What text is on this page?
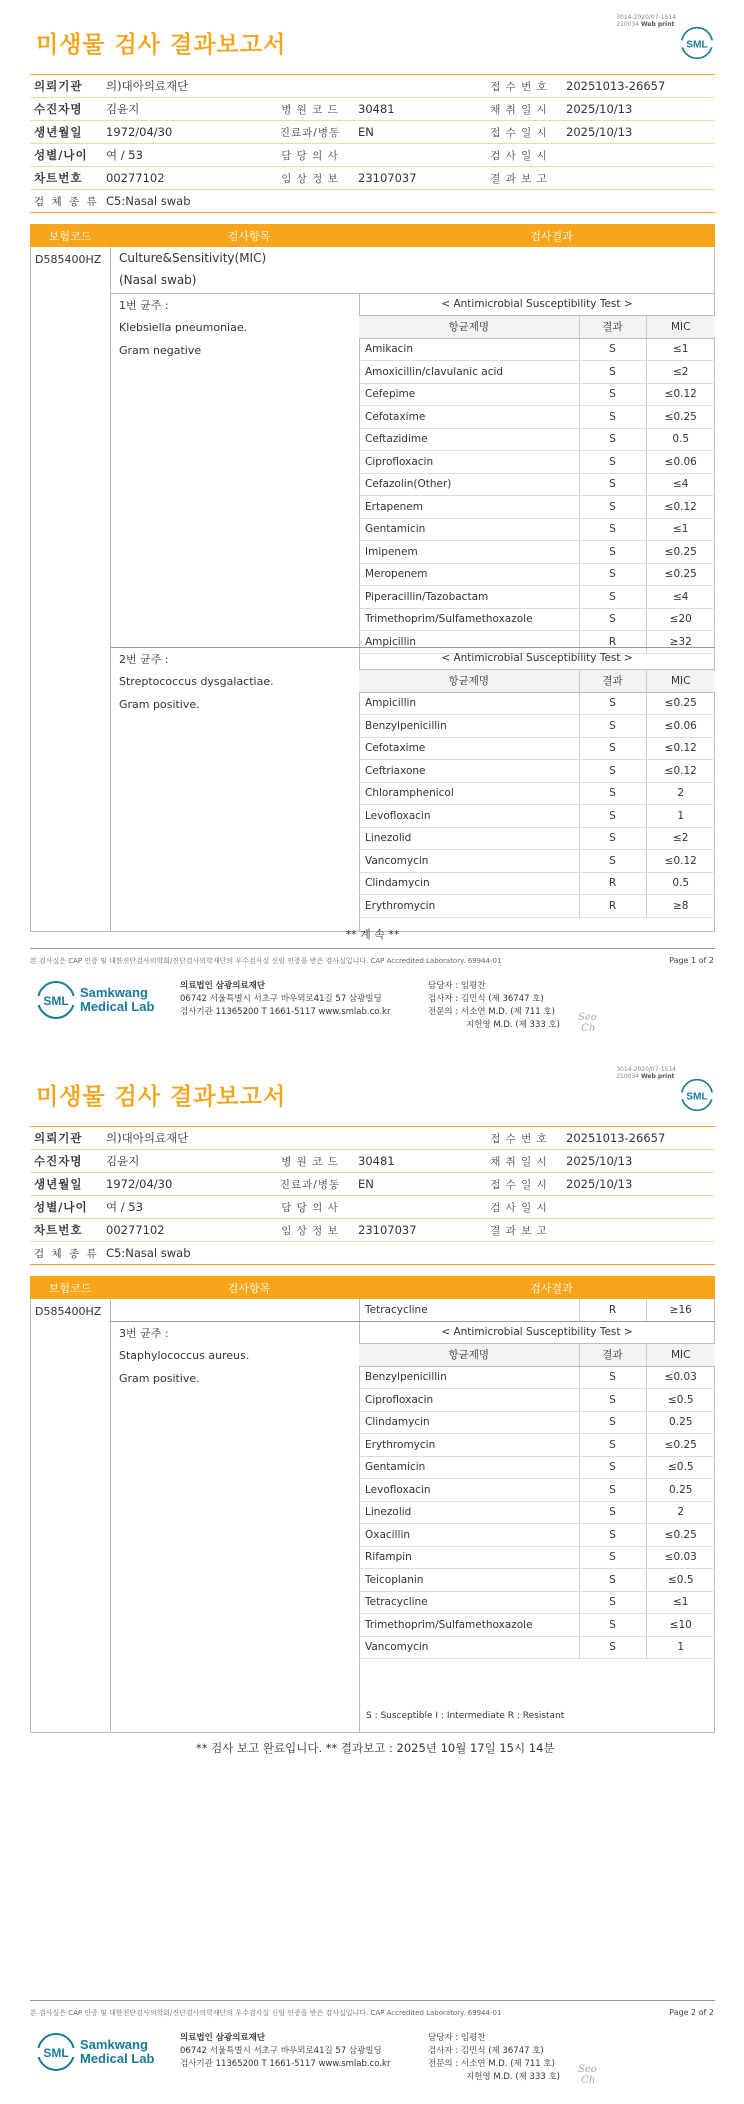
3014-2020/07-1514
210034 Web print
미생물 검사 결과보고서	SML
의뢰기관	의)대아의료재단	접 수 번 호	20251013-26657
수진자명	김윤지	병 원 코 드	30481	채 취 일 시	2025/10/13
생년월일	1972/04/30	진료과/병동	EN	접 수 일 시	2025/10/13
성별/나이	여 / 53	담 당 의 사	검 사 일 시
차트번호	00277102	임 상 정 보	23107037	결 과 보 고
검 체 종 류 C5:Nasal swab
보험코드	검사항목	검사결과
D585400HZ	Culture&Sensitivity(MIC)
(Nasal swab)
1번 균주 :
Klebsiella pneumoniae.
Gram negative
< Antimicrobial Susceptibility Test >		
항균제명	결과	MIC
Amikacin	S	≤1
Amoxicillin/clavulanic acid	S	≤2
Cefepime	S	≤0.12
Cefotaxime	S	≤0.25
Ceftazidime	S	0.5
Ciprofloxacin	S	≤0.06
Cefazolin(Other)	S	≤4
Ertapenem	S	≤0.12
Gentamicin	S	≤1
Imipenem	S	≤0.25
Meropenem	S	≤0.25
Piperacillin/Tazobactam	S	≤4
Trimethoprim/Sulfamethoxazole	S	≤20
Ampicillin	R	≥32
2번 균주 :
Streptococcus dysgalactiae.
Gram positive.
< Antimicrobial Susceptibility Test >		
항균제명	결과	MIC
Ampicillin	S	≤0.25
Benzylpenicillin	S	≤0.06
Cefotaxime	S	≤0.12
Ceftriaxone	S	≤0.12
Chloramphenicol	S	2
Levofloxacin	S	1
Linezolid	S	≤2
Vancomycin	S	≤0.12
Clindamycin	R	0.5
Erythromycin	R	≥8
** 계 속 **
본 검사실은 CAP 인증 및 대한진단검사의학회/진단검사의학재단의 우수검사실 신임 인증을 받은 검사실입니다. CAP Accredited Laboratory. 69944-01	Page 1 of 2
SML
Samkwang
Medical Lab
의료법인 삼광의료재단
06742 서울특별시 서초구 바우뫼로41길 57 삼광빌딩
검사기관 11365200 T 1661-5117 www.smlab.co.kr
담당자 : 임평찬
검사자 : 김민식 (제 36747 호)
전문의 : 서소연 M.D. (제 711 호)
지헌영 M.D. (제 333 호)
Seo
Ch
3014-2020/07-1514
210034 Web print
미생물 검사 결과보고서	SML
의뢰기관	의)대아의료재단	접 수 번 호	20251013-26657
수진자명	김윤지	병 원 코 드	30481	채 취 일 시	2025/10/13
생년월일	1972/04/30	진료과/병동	EN	접 수 일 시	2025/10/13
성별/나이	여 / 53	담 당 의 사	검 사 일 시
차트번호	00277102	임 상 정 보	23107037	결 과 보 고
검 체 종 류 C5:Nasal swab
보험코드	검사항목	검사결과
D585400HZ	Tetracycline	R	≥16
3번 균주 :
Staphylococcus aureus.
Gram positive.
< Antimicrobial Susceptibility Test >		
항균제명	결과	MIC
Benzylpenicillin	S	≤0.03
Ciprofloxacin	S	≤0.5
Clindamycin	S	0.25
Erythromycin	S	≤0.25
Gentamicin	S	≤0.5
Levofloxacin	S	0.25
Linezolid	S	2
Oxacillin	S	≤0.25
Rifampin	S	≤0.03
Teicoplanin	S	≤0.5
Tetracycline	S	≤1
Trimethoprim/Sulfamethoxazole	S	≤10
Vancomycin	S	1
S : Susceptible I : Intermediate R : Resistant
** 검사 보고 완료입니다. ** 결과보고 : 2025년 10월 17일 15시 14분
본 검사실은 CAP 인증 및 대한진단검사의학회/진단검사의학재단의 우수검사실 신임 인증을 받은 검사실입니다. CAP Accredited Laboratory. 69944-01	Page 2 of 2
SML
Samkwang
Medical Lab
의료법인 삼광의료재단
06742 서울특별시 서초구 바우뫼로41길 57 삼광빌딩
검사기관 11365200 T 1661-5117 www.smlab.co.kr
담당자 : 임평찬
검사자 : 김민식 (제 36747 호)
전문의 : 서소연 M.D. (제 711 호)
지헌영 M.D. (제 333 호)
Seo
Ch
